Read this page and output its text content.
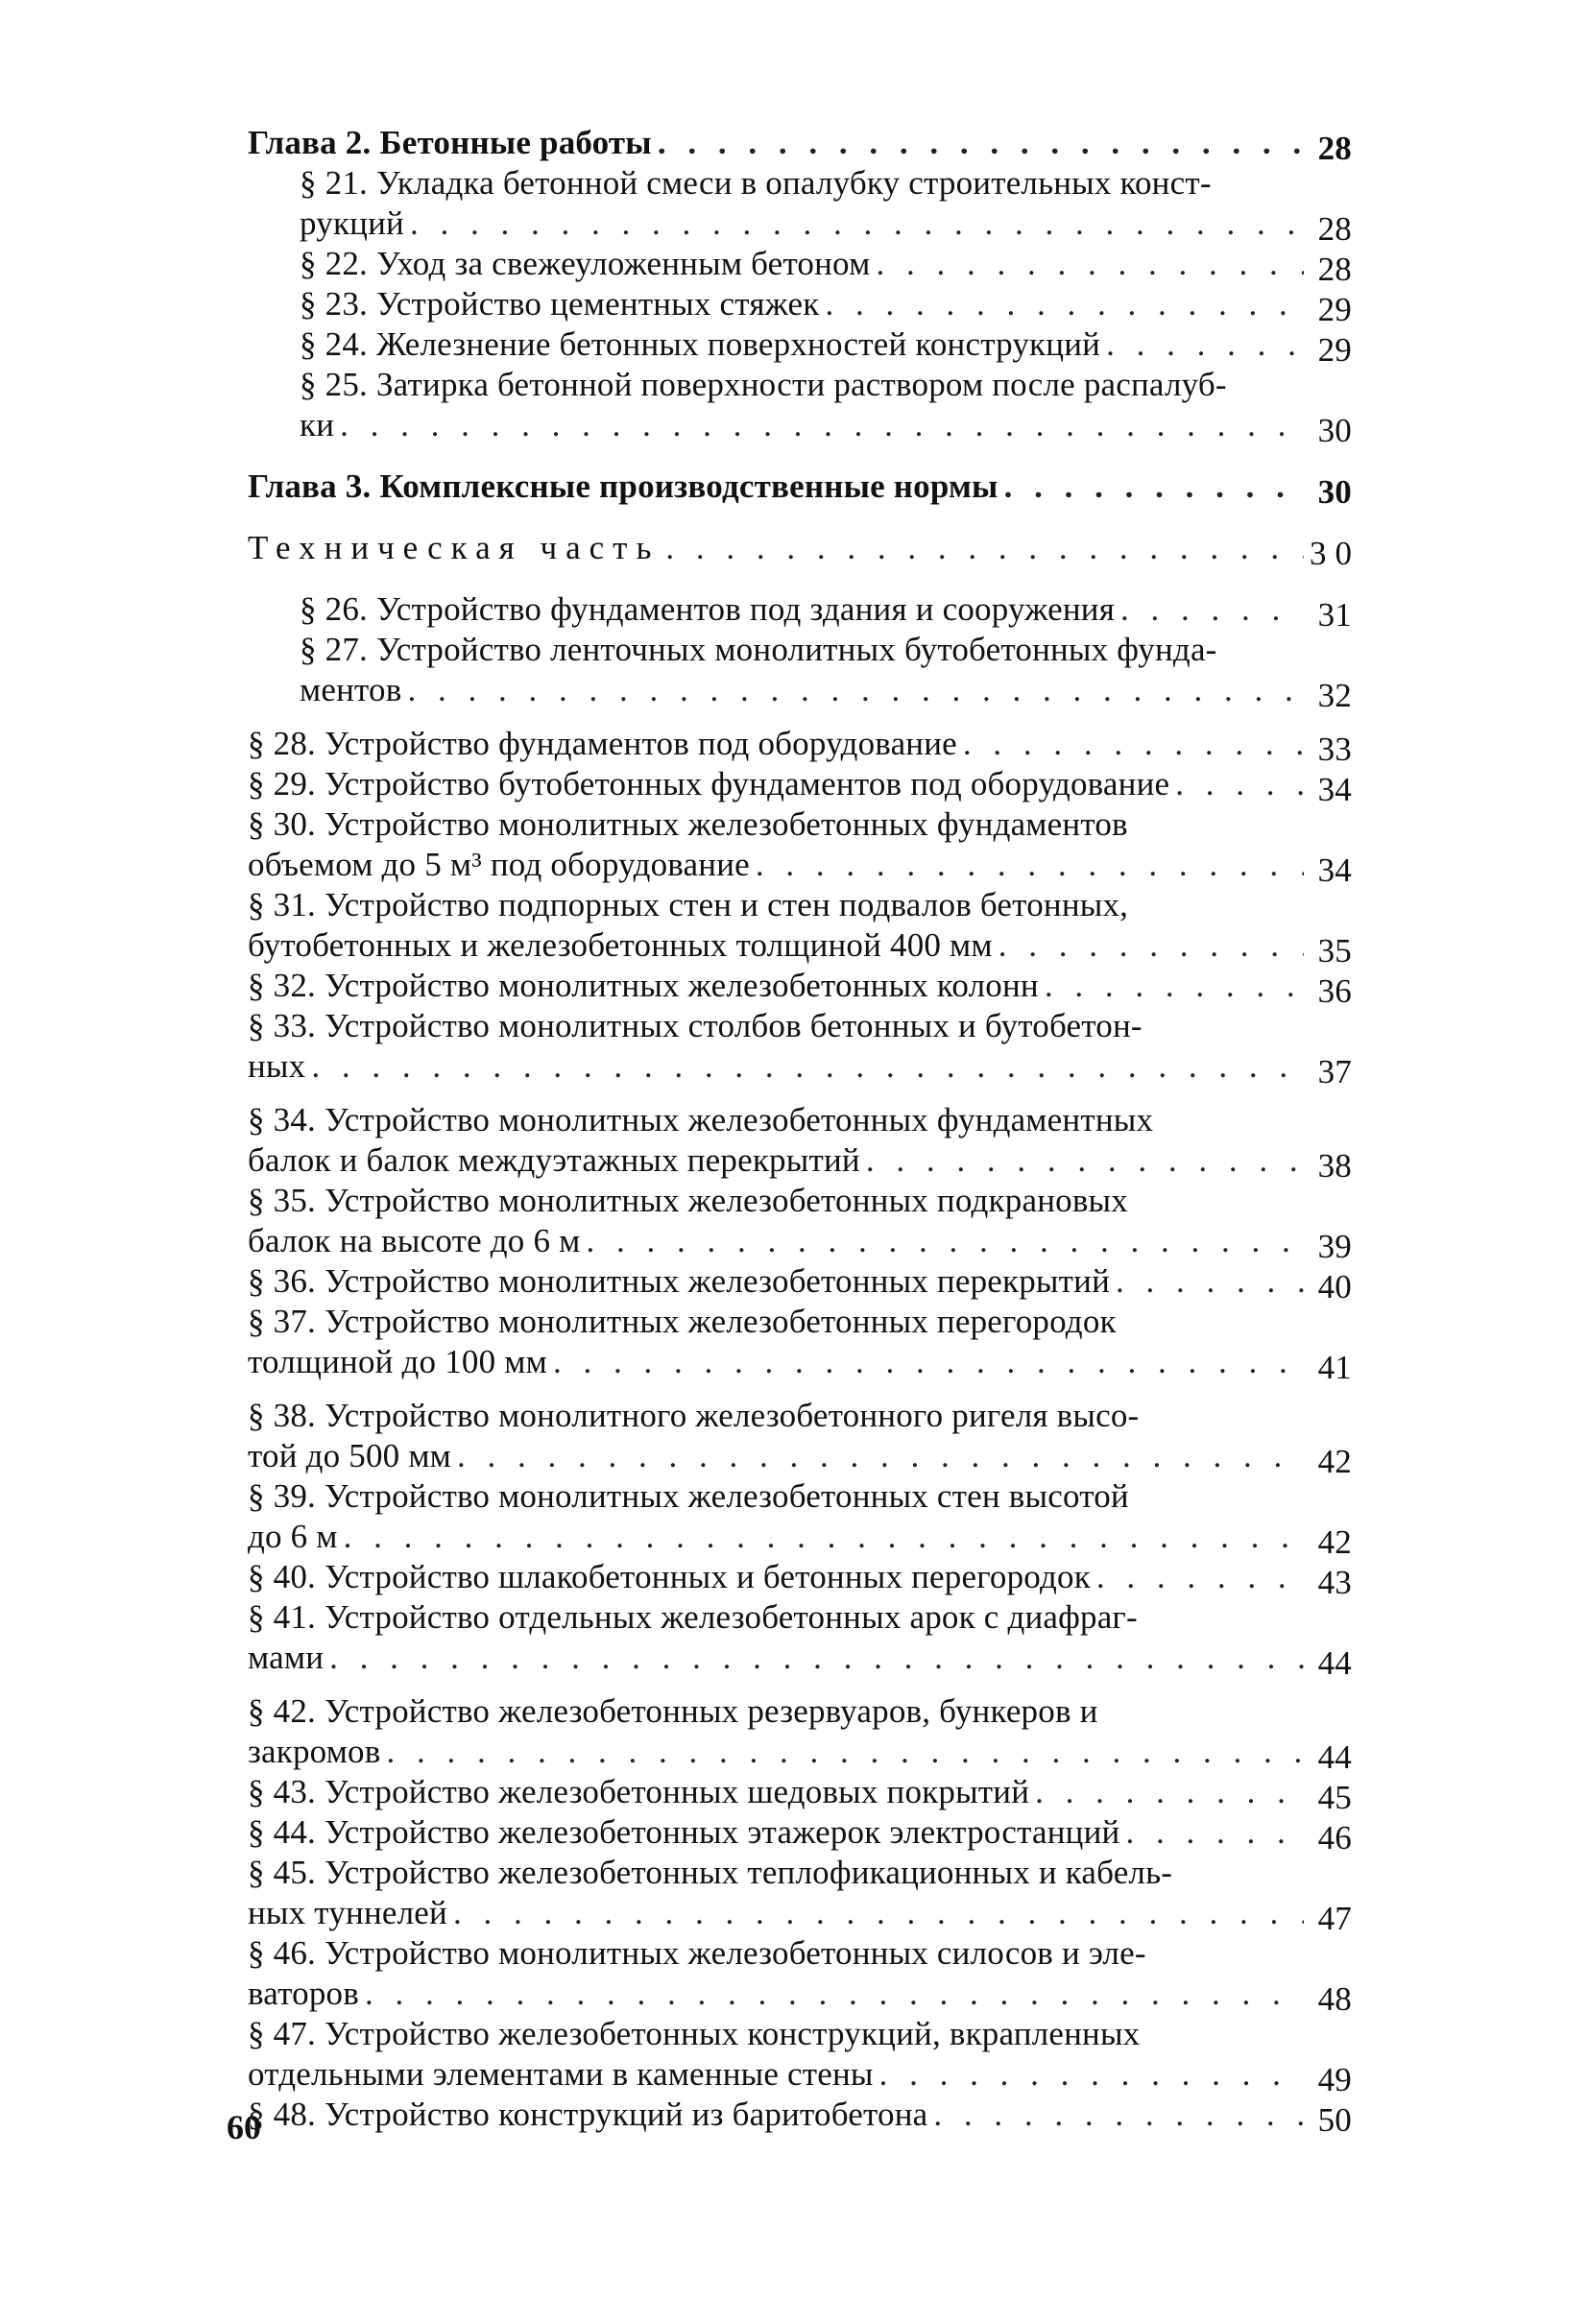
Глава 2. Бетонные работы . . .	28
§ 21. Укладка бетонной смеси в опалубку строительных конст-
рукций . . .	28
§ 22. Уход за свежеуложенным бетоном . . .	28
§ 23. Устройство цементных стяжек . . .	29
§ 24. Железнение бетонных поверхностей конструкций . . .	29
§ 25. Затирка бетонной поверхности раствором после распалуб-
ки . . .	30
Глава 3. Комплексные производственные нормы . . .	30
Техническая часть . . .	30
§ 26. Устройство фундаментов под здания и сооружения . . .	31
§ 27. Устройство ленточных монолитных бутобетонных фунда-
ментов . . .	32
§ 28. Устройство фундаментов под оборудование . . .	33
§ 29. Устройство бутобетонных фундаментов под оборудование . . .	34
§ 30. Устройство монолитных железобетонных фундаментов
объемом до 5 м³ под оборудование . . .	34
§ 31. Устройство подпорных стен и стен подвалов бетонных,
бутобетонных и железобетонных толщиной 400 мм . . .	35
§ 32. Устройство монолитных железобетонных колонн . . .	36
§ 33. Устройство монолитных столбов бетонных и бутобетон-
ных . . .	37
§ 34. Устройство монолитных железобетонных фундаментных
балок и балок междуэтажных перекрытий . . .	38
§ 35. Устройство монолитных железобетонных подкрановых
балок на высоте до 6 м . . .	39
§ 36. Устройство монолитных железобетонных перекрытий . . .	40
§ 37. Устройство монолитных железобетонных перегородок
толщиной до 100 мм . . .	41
§ 38. Устройство монолитного железобетонного ригеля высо-
той до 500 мм . . .	42
§ 39. Устройство монолитных железобетонных стен высотой
до 6 м . . .	42
§ 40. Устройство шлакобетонных и бетонных перегородок . . .	43
§ 41. Устройство отдельных железобетонных арок с диафраг-
мами . . .	44
§ 42. Устройство железобетонных резервуаров, бункеров и
закромов . . .	44
§ 43. Устройство железобетонных шедовых покрытий . . .	45
§ 44. Устройство железобетонных этажерок электростанций . . .	46
§ 45. Устройство железобетонных теплофикационных и кабель-
ных туннелей . . .	47
§ 46. Устройство монолитных железобетонных силосов и эле-
ваторов . . .	48
§ 47. Устройство железобетонных конструкций, вкрапленных
отдельными элементами в каменные стены . . .	49
§ 48. Устройство конструкций из баритобетона . . .	50
60
